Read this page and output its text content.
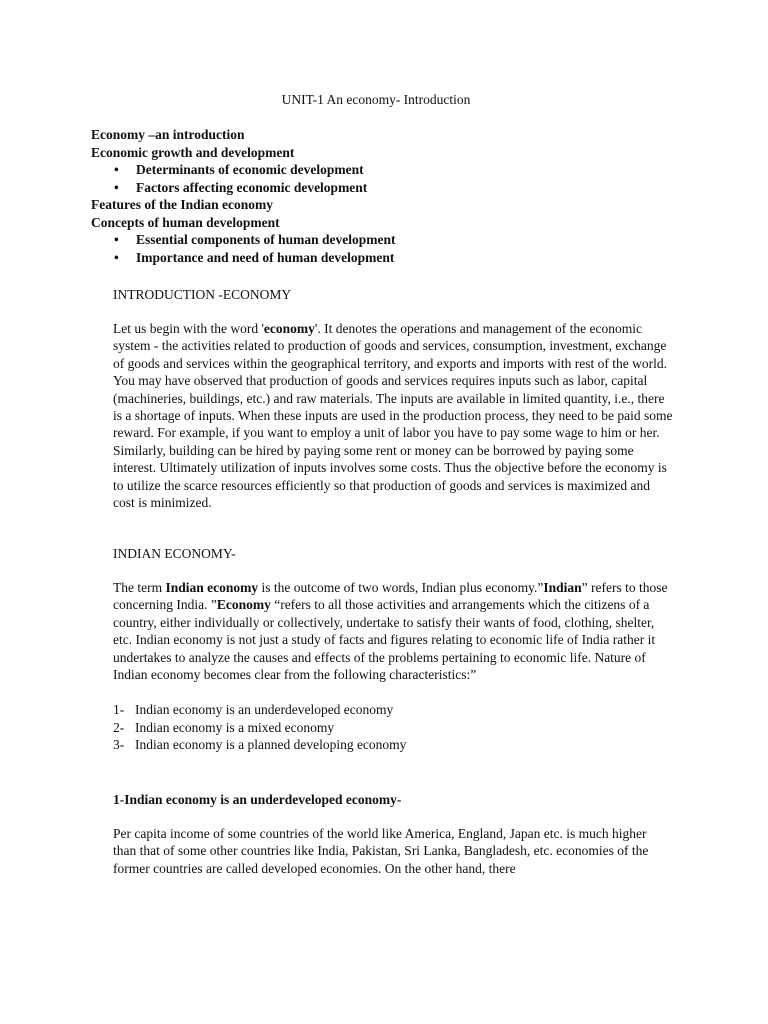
UNIT-1 An economy- Introduction
Economy –an introduction
Economic growth and development
• Determinants of economic development
• Factors affecting economic development
Features of the Indian economy
Concepts of human development
• Essential components of human development
• Importance and need of human development
INTRODUCTION -ECONOMY
Let us begin with the word 'economy'. It denotes the operations and management of the economic system - the activities related to production of goods and services, consumption, investment, exchange of goods and services within the geographical territory, and exports and imports with rest of the world. You may have observed that production of goods and services requires inputs such as labor, capital (machineries, buildings, etc.) and raw materials. The inputs are available in limited quantity, i.e., there is a shortage of inputs. When these inputs are used in the production process, they need to be paid some reward. For example, if you want to employ a unit of labor you have to pay some wage to him or her. Similarly, building can be hired by paying some rent or money can be borrowed by paying some interest. Ultimately utilization of inputs involves some costs. Thus the objective before the economy is to utilize the scarce resources efficiently so that production of goods and services is maximized and cost is minimized.
INDIAN ECONOMY-
The term Indian economy is the outcome of two words, Indian plus economy.”Indian” refers to those concerning India. ”Economy “refers to all those activities and arrangements which the citizens of a country, either individually or collectively, undertake to satisfy their wants of food, clothing, shelter, etc. Indian economy is not just a study of facts and figures relating to economic life of India rather it undertakes to analyze the causes and effects of the problems pertaining to economic life. Nature of Indian economy becomes clear from the following characteristics:”
1- Indian economy is an underdeveloped economy
2- Indian economy is a mixed economy
3- Indian economy is a planned developing economy
1-Indian economy is an underdeveloped economy-
Per capita income of some countries of the world like America, England, Japan etc. is much higher than that of some other countries like India, Pakistan, Sri Lanka, Bangladesh, etc. economies of the former countries are called developed economies. On the other hand, there
